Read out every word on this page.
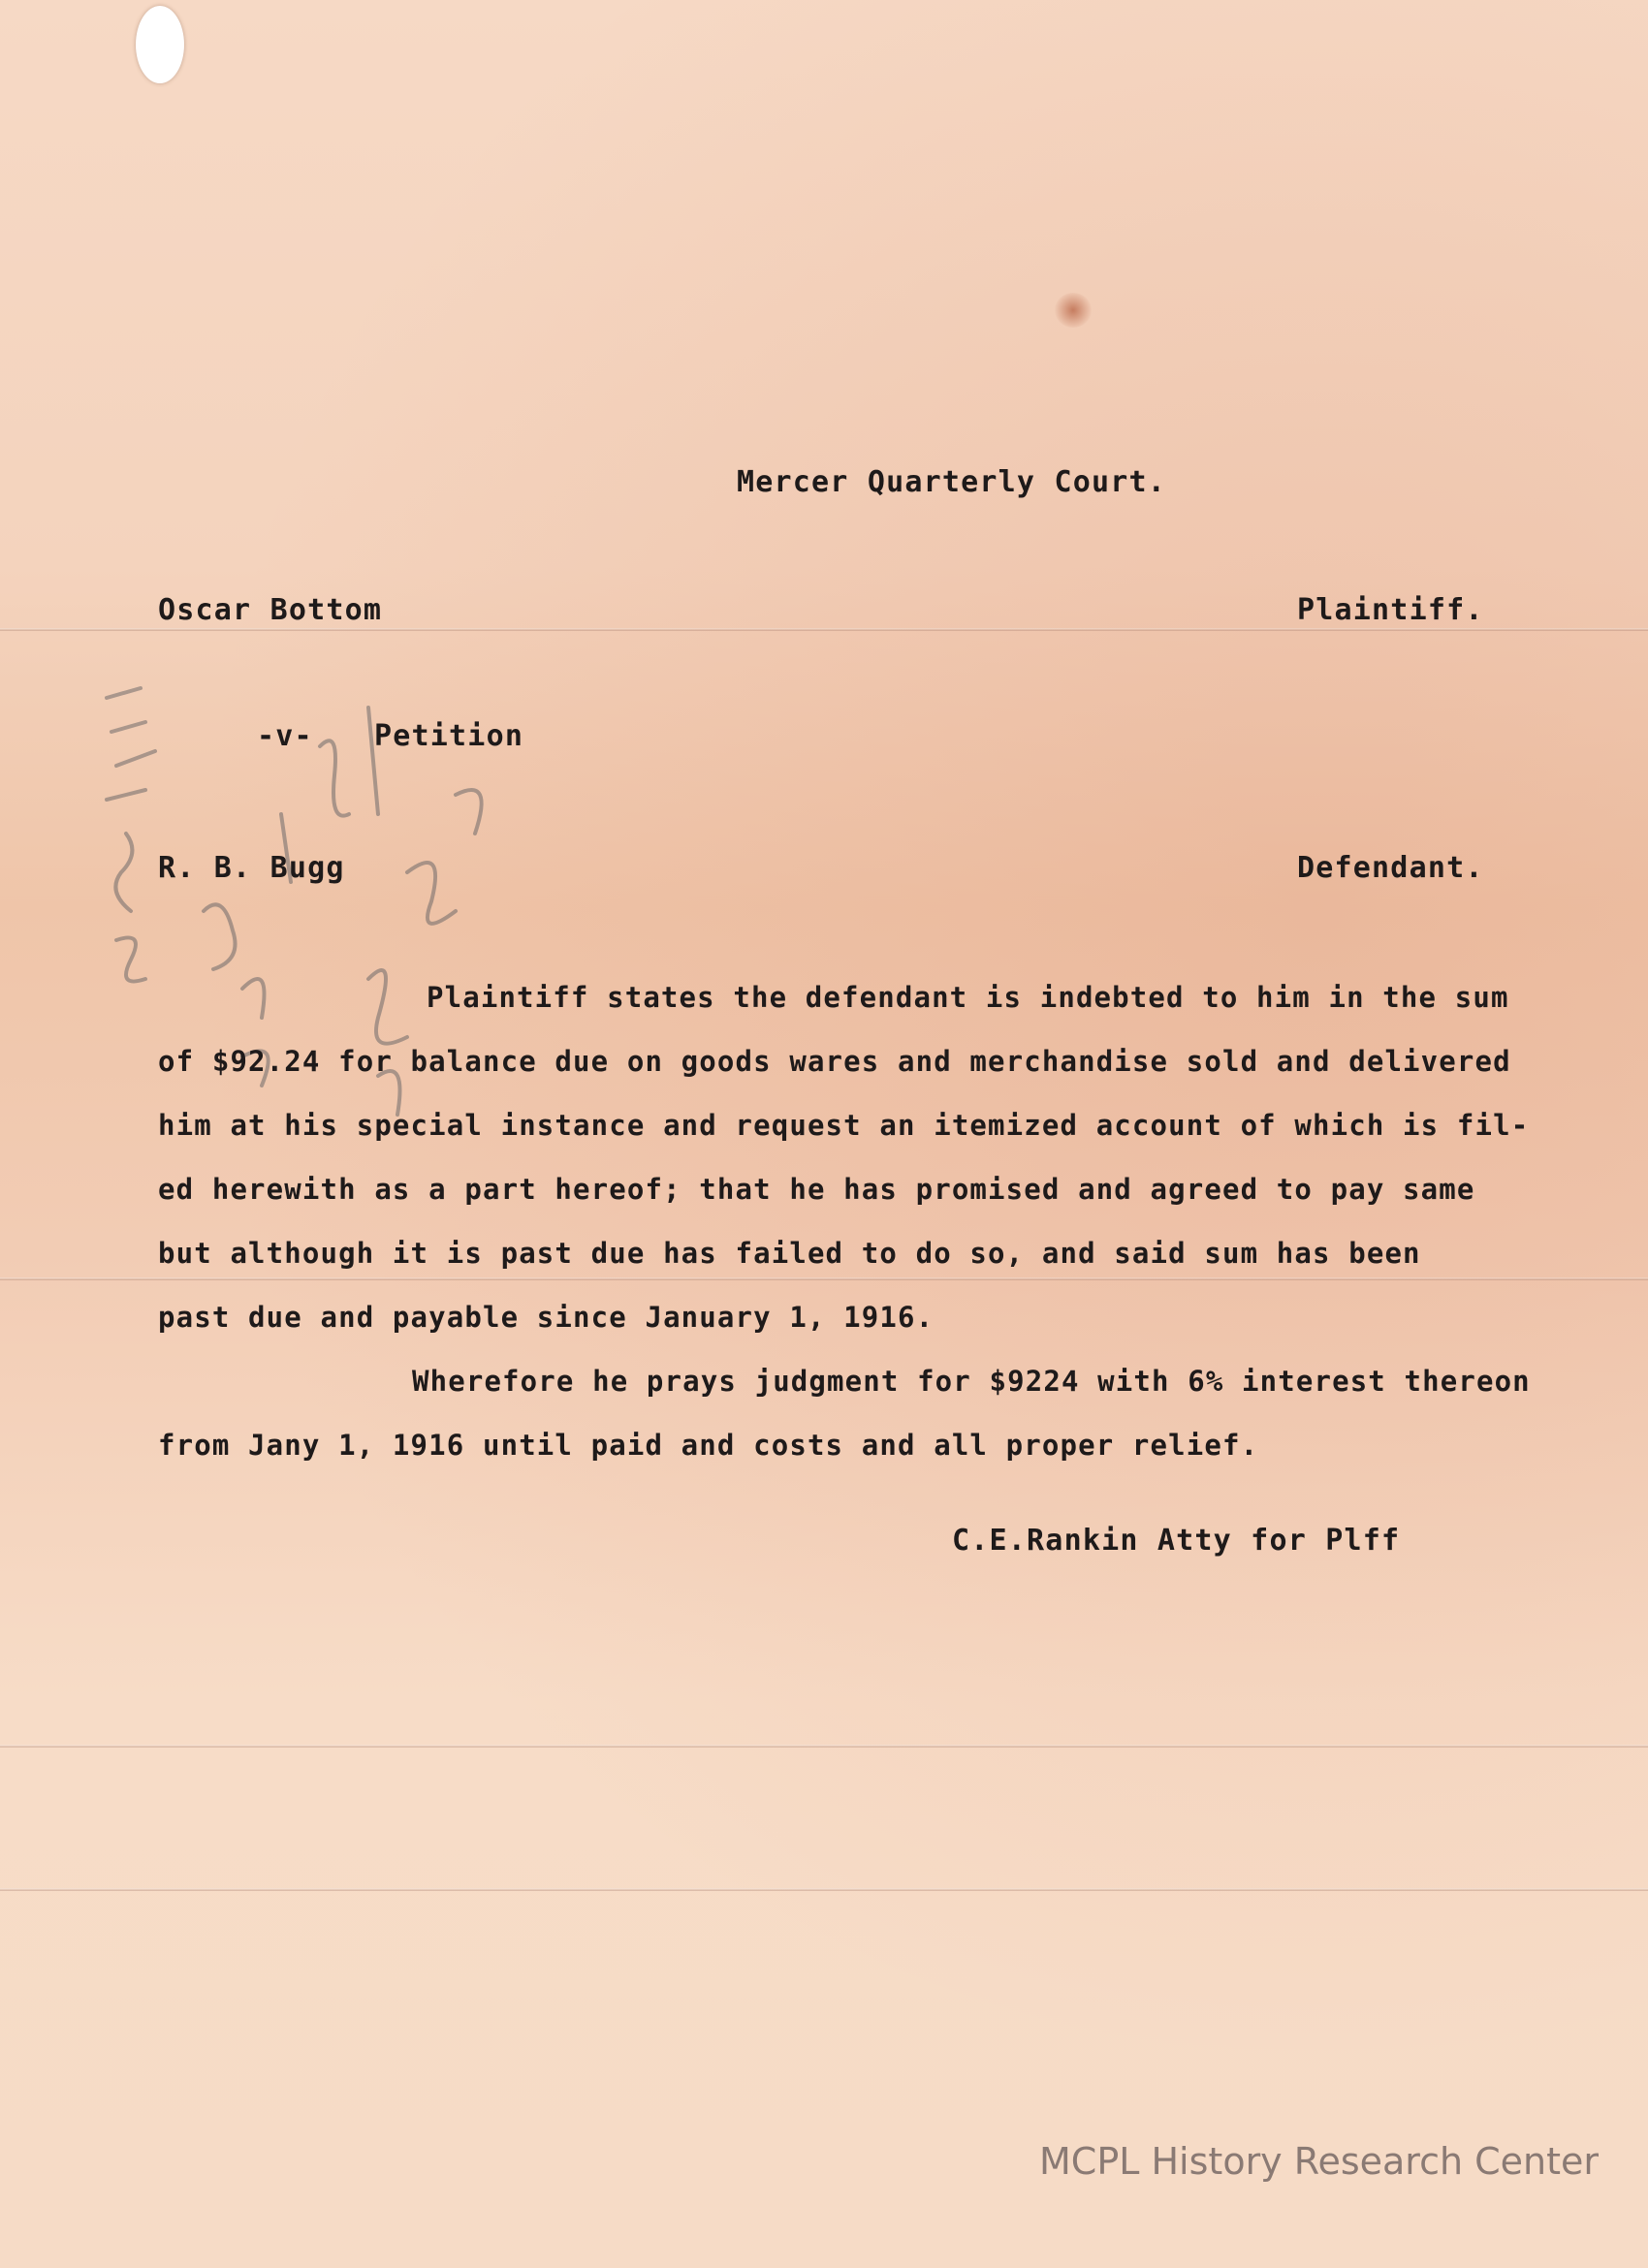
Mercer Quarterly Court.
Oscar Bottom	Plaintiff.
-v- Petition
R. B. Bugg	Defendant.
Plaintiff states the defendant is indebted to him in the sum
of $92.24 for balance due on goods wares and merchandise sold and delivered
him at his special instance and request an itemized account of which is fil-
ed herewith as a part hereof; that he has promised and agreed to pay same
but although it is past due has failed to do so, and said sum has been
past due and payable since January 1, 1916.
Wherefore he prays judgment for $9224 with 6% interest thereon
from Jany 1, 1916 until paid and costs and all proper relief.
C.E.Rankin Atty for Plff
MCPL History Research Center
